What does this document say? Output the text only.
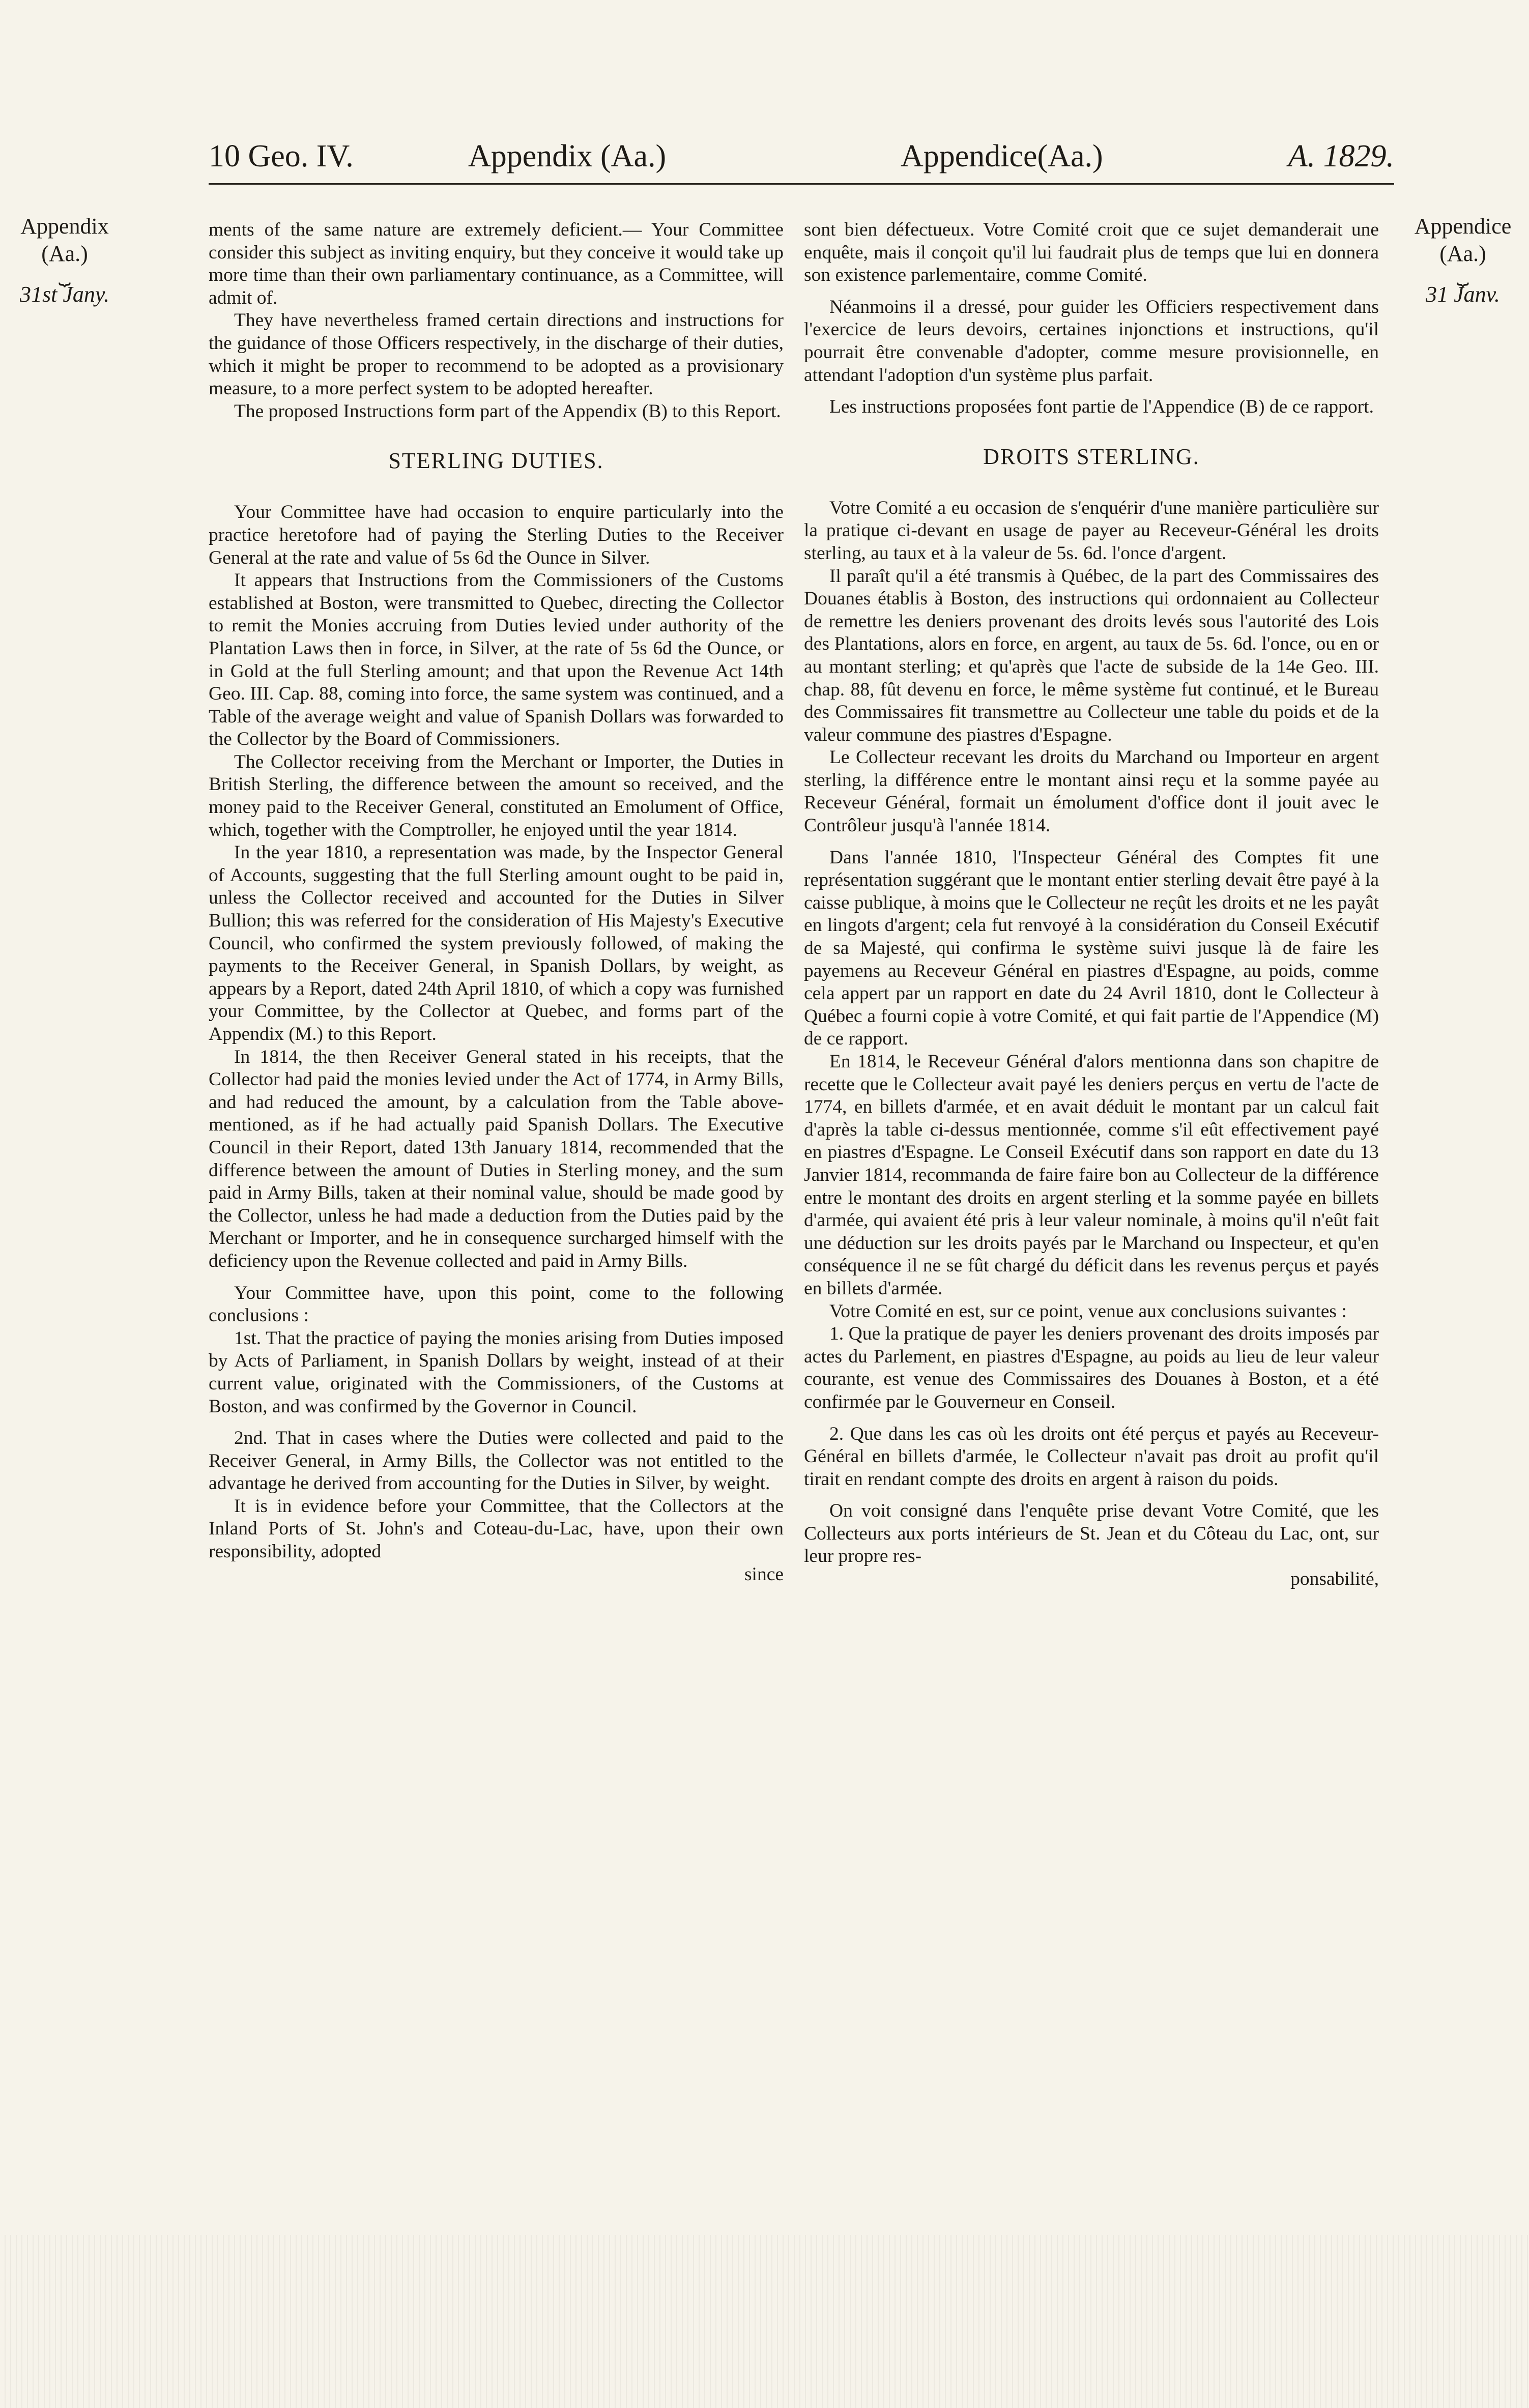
10 Geo. IV.	Appendix (Aa.)	Appendice(Aa.)	A. 1829.
Appendix
(Aa.)
⏟
31st Jany.
Appendice
(Aa.)
⏟
31 Janv.

ments of the same nature are extremely deficient.— Your Committee consider this subject as inviting enquiry, but they conceive it would take up more time than their own parliamentary continuance, as a Committee, will admit of.

They have nevertheless framed certain directions and instructions for the guidance of those Officers respectively, in the discharge of their duties, which it might be proper to recommend to be adopted as a provisionary measure, to a more perfect system to be adopted hereafter.

The proposed Instructions form part of the Appendix (B) to this Report.

STERLING DUTIES.

Your Committee have had occasion to enquire particularly into the practice heretofore had of paying the Sterling Duties to the Receiver General at the rate and value of 5s 6d the Ounce in Silver.

It appears that Instructions from the Commissioners of the Customs established at Boston, were transmitted to Quebec, directing the Collector to remit the Monies accruing from Duties levied under authority of the Plantation Laws then in force, in Silver, at the rate of 5s 6d the Ounce, or in Gold at the full Sterling amount; and that upon the Revenue Act 14th Geo. III. Cap. 88, coming into force, the same system was continued, and a Table of the average weight and value of Spanish Dollars was forwarded to the Collector by the Board of Commissioners.

The Collector receiving from the Merchant or Importer, the Duties in British Sterling, the difference between the amount so received, and the money paid to the Receiver General, constituted an Emolument of Office, which, together with the Comptroller, he enjoyed until the year 1814.

In the year 1810, a representation was made, by the Inspector General of Accounts, suggesting that the full Sterling amount ought to be paid in, unless the Collector received and accounted for the Duties in Silver Bullion; this was referred for the consideration of His Majesty's Executive Council, who confirmed the system previously followed, of making the payments to the Receiver General, in Spanish Dollars, by weight, as appears by a Report, dated 24th April 1810, of which a copy was furnished your Committee, by the Collector at Quebec, and forms part of the Appendix (M.) to this Report.

In 1814, the then Receiver General stated in his receipts, that the Collector had paid the monies levied under the Act of 1774, in Army Bills, and had reduced the amount, by a calculation from the Table above-mentioned, as if he had actually paid Spanish Dollars. The Executive Council in their Report, dated 13th January 1814, recommended that the difference between the amount of Duties in Sterling money, and the sum paid in Army Bills, taken at their nominal value, should be made good by the Collector, unless he had made a deduction from the Duties paid by the Merchant or Importer, and he in consequence surcharged himself with the deficiency upon the Revenue collected and paid in Army Bills.

Your Committee have, upon this point, come to the following conclusions :

1st. That the practice of paying the monies arising from Duties imposed by Acts of Parliament, in Spanish Dollars by weight, instead of at their current value, originated with the Commissioners, of the Customs at Boston, and was confirmed by the Governor in Council.

2nd. That in cases where the Duties were collected and paid to the Receiver General, in Army Bills, the Collector was not entitled to the advantage he derived from accounting for the Duties in Silver, by weight.

It is in evidence before your Committee, that the Collectors at the Inland Ports of St. John's and Coteau-du-Lac, have, upon their own responsibility, adopted

since

sont bien défectueux. Votre Comité croit que ce sujet demanderait une enquête, mais il conçoit qu'il lui faudrait plus de temps que lui en donnera son existence parlementaire, comme Comité.

Néanmoins il a dressé, pour guider les Officiers respectivement dans l'exercice de leurs devoirs, certaines injonctions et instructions, qu'il pourrait être convenable d'adopter, comme mesure provisionnelle, en attendant l'adoption d'un système plus parfait.

Les instructions proposées font partie de l'Appendice (B) de ce rapport.

DROITS STERLING.

Votre Comité a eu occasion de s'enquérir d'une manière particulière sur la pratique ci-devant en usage de payer au Receveur-Général les droits sterling, au taux et à la valeur de 5s. 6d. l'once d'argent.

Il paraît qu'il a été transmis à Québec, de la part des Commissaires des Douanes établis à Boston, des instructions qui ordonnaient au Collecteur de remettre les deniers provenant des droits levés sous l'autorité des Lois des Plantations, alors en force, en argent, au taux de 5s. 6d. l'once, ou en or au montant sterling; et qu'après que l'acte de subside de la 14e Geo. III. chap. 88, fût devenu en force, le même système fut continué, et le Bureau des Commissaires fit transmettre au Collecteur une table du poids et de la valeur commune des piastres d'Espagne.

Le Collecteur recevant les droits du Marchand ou Importeur en argent sterling, la différence entre le montant ainsi reçu et la somme payée au Receveur Général, formait un émolument d'office dont il jouit avec le Contrôleur jusqu'à l'année 1814.

Dans l'année 1810, l'Inspecteur Général des Comptes fit une représentation suggérant que le montant entier sterling devait être payé à la caisse publique, à moins que le Collecteur ne reçût les droits et ne les payât en lingots d'argent; cela fut renvoyé à la considération du Conseil Exécutif de sa Majesté, qui confirma le système suivi jusque là de faire les payemens au Receveur Général en piastres d'Espagne, au poids, comme cela appert par un rapport en date du 24 Avril 1810, dont le Collecteur à Québec a fourni copie à votre Comité, et qui fait partie de l'Appendice (M) de ce rapport.

En 1814, le Receveur Général d'alors mentionna dans son chapitre de recette que le Collecteur avait payé les deniers perçus en vertu de l'acte de 1774, en billets d'armée, et en avait déduit le montant par un calcul fait d'après la table ci-dessus mentionnée, comme s'il eût effectivement payé en piastres d'Espagne. Le Conseil Exécutif dans son rapport en date du 13 Janvier 1814, recommanda de faire faire bon au Collecteur de la différence entre le montant des droits en argent sterling et la somme payée en billets d'armée, qui avaient été pris à leur valeur nominale, à moins qu'il n'eût fait une déduction sur les droits payés par le Marchand ou Inspecteur, et qu'en conséquence il ne se fût chargé du déficit dans les revenus perçus et payés en billets d'armée.

Votre Comité en est, sur ce point, venue aux conclusions suivantes :

1. Que la pratique de payer les deniers provenant des droits imposés par actes du Parlement, en piastres d'Espagne, au poids au lieu de leur valeur courante, est venue des Commissaires des Douanes à Boston, et a été confirmée par le Gouverneur en Conseil.

2. Que dans les cas où les droits ont été perçus et payés au Receveur-Général en billets d'armée, le Collecteur n'avait pas droit au profit qu'il tirait en rendant compte des droits en argent à raison du poids.

On voit consigné dans l'enquête prise devant Votre Comité, que les Collecteurs aux ports intérieurs de St. Jean et du Côteau du Lac, ont, sur leur propre res-

ponsabilité,
